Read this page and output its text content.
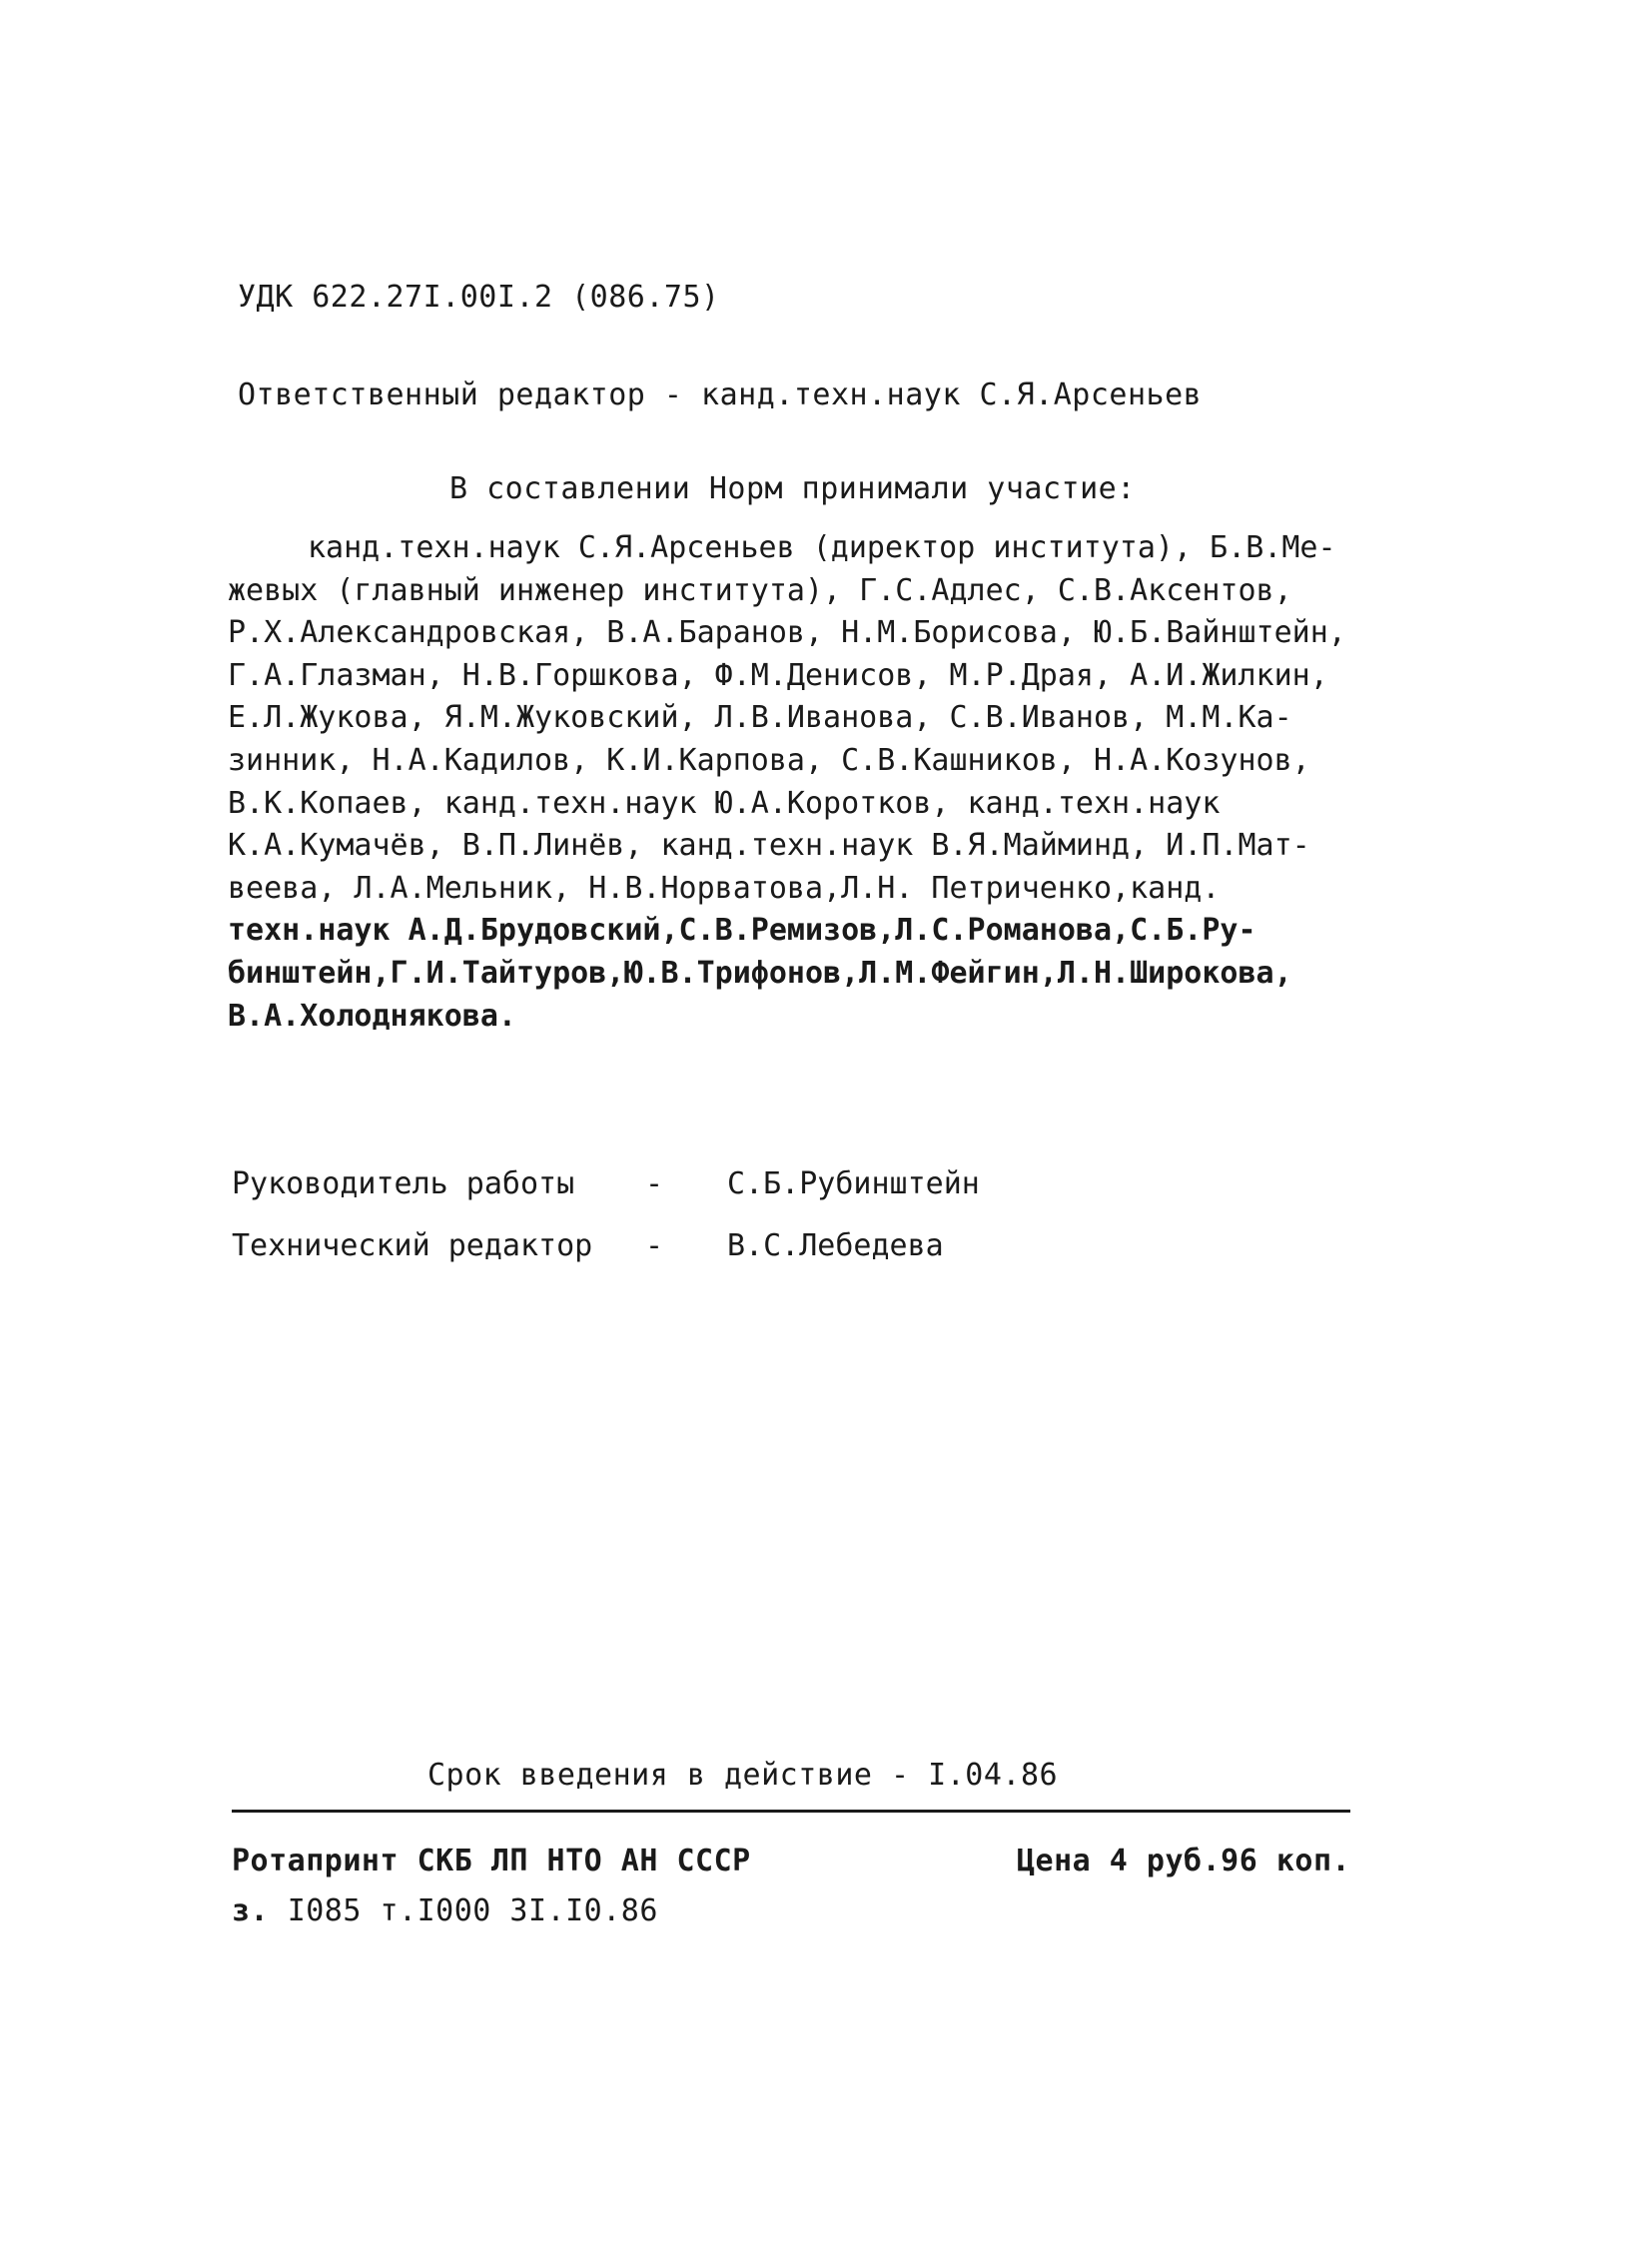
УДК 622.27I.00I.2 (086.75)
Ответственный редактор - канд.техн.наук С.Я.Арсеньев
В составлении Норм принимали участие:
канд.техн.наук С.Я.Арсеньев (директор института), Б.В.Ме-
жевых (главный инженер института), Г.С.Адлес, С.В.Аксентов,
Р.Х.Александровская, В.А.Баранов, Н.М.Борисова, Ю.Б.Вайнштейн,
Г.А.Глазман, Н.В.Горшкова, Ф.М.Денисов, М.Р.Драя, А.И.Жилкин,
Е.Л.Жукова, Я.М.Жуковский, Л.В.Иванова, С.В.Иванов, М.М.Ка-
зинник, Н.А.Кадилов, К.И.Карпова, С.В.Кашников, Н.А.Козунов,
В.К.Копаев, канд.техн.наук Ю.А.Коротков, канд.техн.наук
К.А.Кумачёв, В.П.Линёв, канд.техн.наук В.Я.Майминд, И.П.Мат-
веева, Л.А.Мельник, Н.В.Норватова,Л.Н. Петриченко,канд.
техн.наук А.Д.Брудовский,С.В.Ремизов,Л.С.Романова,С.Б.Ру-
бинштейн,Г.И.Тайтуров,Ю.В.Трифонов,Л.М.Фейгин,Л.Н.Широкова,
В.А.Холоднякова.
Руководитель работы - С.Б.Рубинштейн
Технический редактор - В.С.Лебедева
Срок введения в действие - I.04.86
Ротапринт СКБ ЛП НТО АН СССР	Цена 4 руб.96 коп.
з. I085 т.I000 3I.I0.86
